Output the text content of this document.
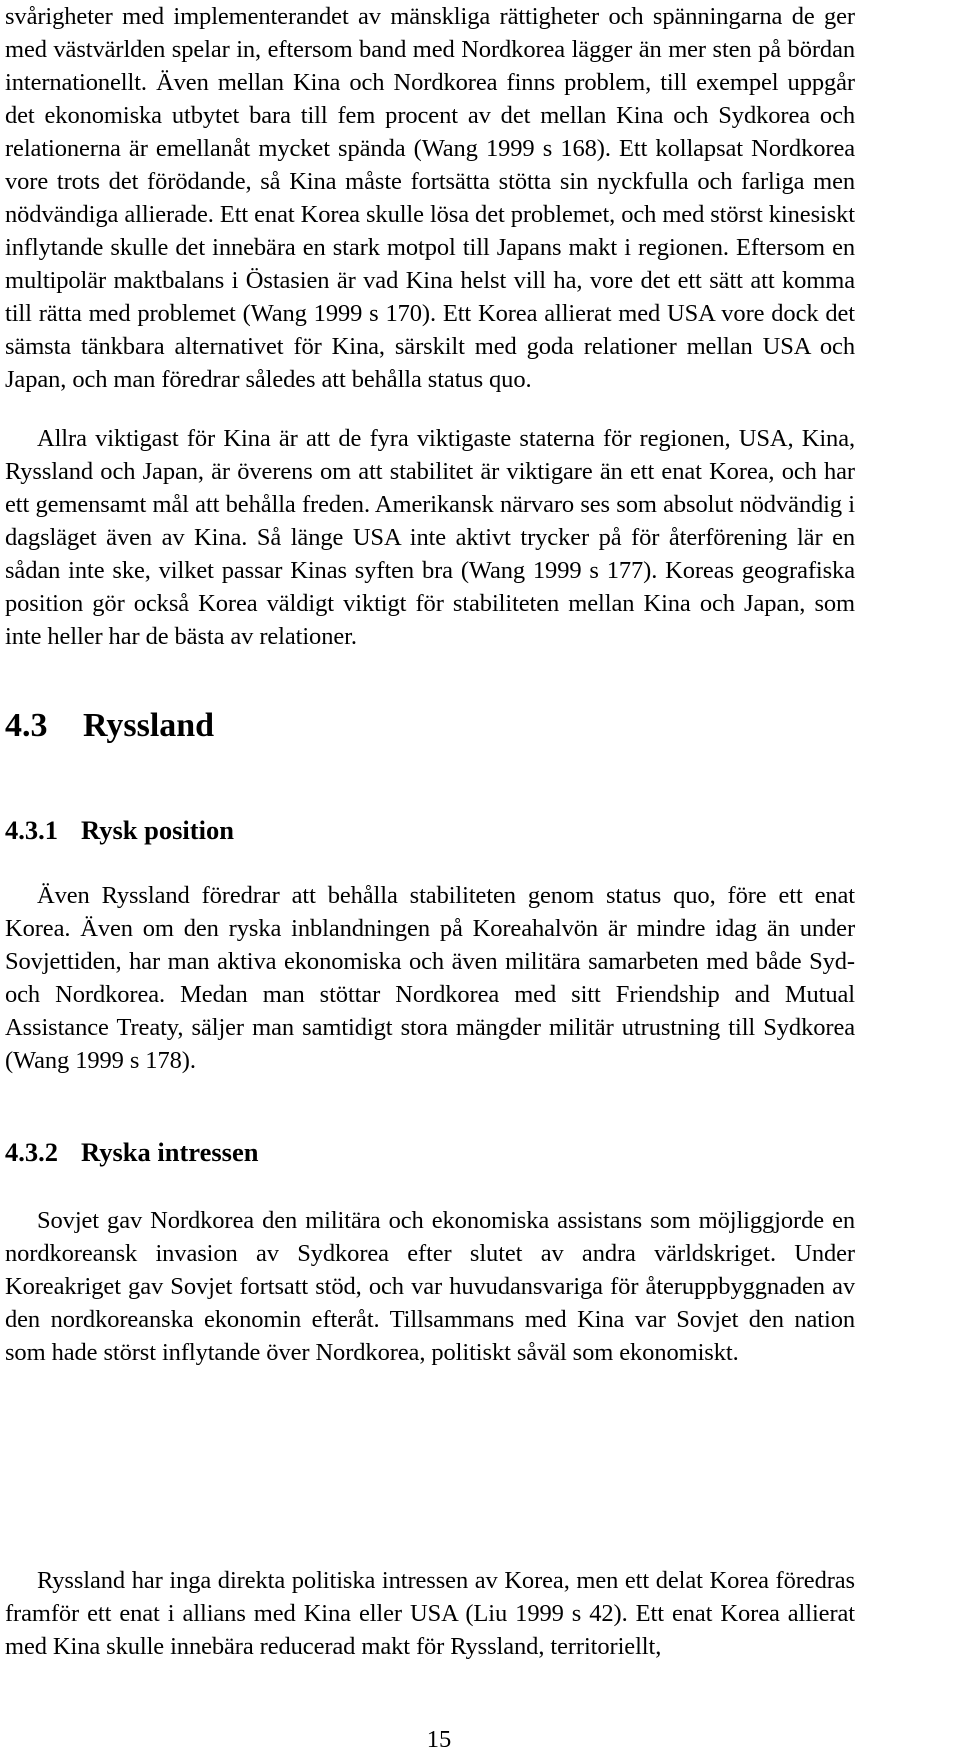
svårigheter med implementerandet av mänskliga rättigheter och spänningarna de ger med västvärlden spelar in, eftersom band med Nordkorea lägger än mer sten på bördan internationellt. Även mellan Kina och Nordkorea finns problem, till exempel uppgår det ekonomiska utbytet bara till fem procent av det mellan Kina och Sydkorea och relationerna är emellanåt mycket spända (Wang 1999 s 168). Ett kollapsat Nordkorea vore trots det förödande, så Kina måste fortsätta stötta sin nyckfulla och farliga men nödvändiga allierade. Ett enat Korea skulle lösa det problemet, och med störst kinesiskt inflytande skulle det innebära en stark motpol till Japans makt i regionen. Eftersom en multipolär maktbalans i Östasien är vad Kina helst vill ha, vore det ett sätt att komma till rätta med problemet (Wang 1999 s 170). Ett Korea allierat med USA vore dock det sämsta tänkbara alternativet för Kina, särskilt med goda relationer mellan USA och Japan, och man föredrar således att behålla status quo.

Allra viktigast för Kina är att de fyra viktigaste staterna för regionen, USA, Kina, Ryssland och Japan, är överens om att stabilitet är viktigare än ett enat Korea, och har ett gemensamt mål att behålla freden. Amerikansk närvaro ses som absolut nödvändig i dagsläget även av Kina. Så länge USA inte aktivt trycker på för återförening lär en sådan inte ske, vilket passar Kinas syften bra (Wang 1999 s 177). Koreas geografiska position gör också Korea väldigt viktigt för stabiliteten mellan Kina och Japan, som inte heller har de bästa av relationer.

4.3 Ryssland
4.3.1 Rysk position

Även Ryssland föredrar att behålla stabiliteten genom status quo, före ett enat Korea. Även om den ryska inblandningen på Koreahalvön är mindre idag än under Sovjettiden, har man aktiva ekonomiska och även militära samarbeten med både Syd- och Nordkorea. Medan man stöttar Nordkorea med sitt Friendship and Mutual Assistance Treaty, säljer man samtidigt stora mängder militär utrustning till Sydkorea (Wang 1999 s 178).

4.3.2 Ryska intressen

Sovjet gav Nordkorea den militära och ekonomiska assistans som möjliggjorde en nordkoreansk invasion av Sydkorea efter slutet av andra världskriget. Under Koreakriget gav Sovjet fortsatt stöd, och var huvudansvariga för återuppbyggnaden av den nordkoreanska ekonomin efteråt. Tillsammans med Kina var Sovjet den nation som hade störst inflytande över Nordkorea, politiskt såväl som ekonomiskt.

Ryssland har inga direkta politiska intressen av Korea, men ett delat Korea föredras framför ett enat i allians med Kina eller USA (Liu 1999 s 42). Ett enat Korea allierat med Kina skulle innebära reducerad makt för Ryssland, territoriellt,

15
